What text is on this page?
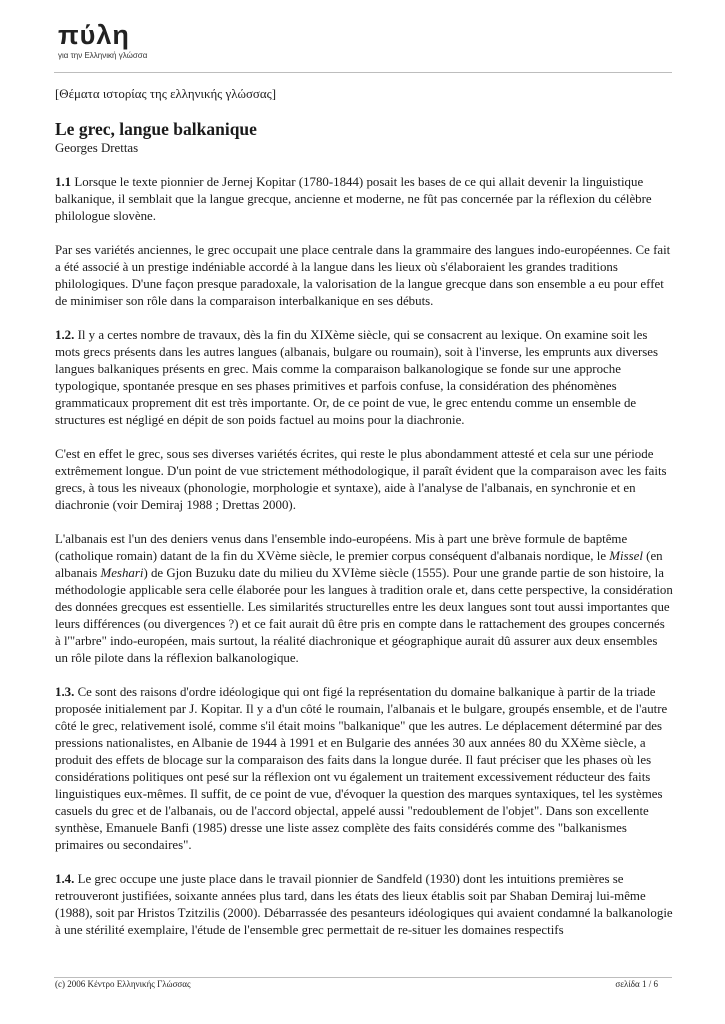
πύλη
για την Ελληνική γλώσσα
[Θέματα ιστορίας της ελληνικής γλώσσας]
Le grec, langue balkanique
Georges Drettas

1.1 Lorsque le texte pionnier de Jernej Kopitar (1780-1844) posait les bases de ce qui allait devenir la linguistique balkanique, il semblait que la langue grecque, ancienne et moderne, ne fût pas concernée par la réflexion du célèbre philologue slovène.

Par ses variétés anciennes, le grec occupait une place centrale dans la grammaire des langues indo-européennes. Ce fait a été associé à un prestige indéniable accordé à la langue dans les lieux où s'élaboraient les grandes traditions philologiques. D'une façon presque paradoxale, la valorisation de la langue grecque dans son ensemble a eu pour effet de minimiser son rôle dans la comparaison interbalkanique en ses débuts.

1.2. Il y a certes nombre de travaux, dès la fin du XIXème siècle, qui se consacrent au lexique. On examine soit les mots grecs présents dans les autres langues (albanais, bulgare ou roumain), soit à l'inverse, les emprunts aux diverses langues balkaniques présents en grec. Mais comme la comparaison balkanologique se fonde sur une approche typologique, spontanée presque en ses phases primitives et parfois confuse, la considération des phénomènes grammaticaux proprement dit est très importante. Or, de ce point de vue, le grec entendu comme un ensemble de structures est négligé en dépit de son poids factuel au moins pour la diachronie.

C'est en effet le grec, sous ses diverses variétés écrites, qui reste le plus abondamment attesté et cela sur une période extrêmement longue. D'un point de vue strictement méthodologique, il paraît évident que la comparaison avec les faits grecs, à tous les niveaux (phonologie, morphologie et syntaxe), aide à l'analyse de l'albanais, en synchronie et en diachronie (voir Demiraj 1988 ; Drettas 2000).

L'albanais est l'un des deniers venus dans l'ensemble indo-européens. Mis à part une brève formule de baptême (catholique romain) datant de la fin du XVème siècle, le premier corpus conséquent d'albanais nordique, le Missel (en albanais Meshari) de Gjon Buzuku date du milieu du XVIème siècle (1555). Pour une grande partie de son histoire, la méthodologie applicable sera celle élaborée pour les langues à tradition orale et, dans cette perspective, la considération des données grecques est essentielle. Les similarités structurelles entre les deux langues sont tout aussi importantes que leurs différences (ou divergences ?) et ce fait aurait dû être pris en compte dans le rattachement des groupes concernés à l'"arbre" indo-européen, mais surtout, la réalité diachronique et géographique aurait dû assurer aux deux ensembles un rôle pilote dans la réflexion balkanologique.

1.3. Ce sont des raisons d'ordre idéologique qui ont figé la représentation du domaine balkanique à partir de la triade proposée initialement par J. Kopitar. Il y a d'un côté le roumain, l'albanais et le bulgare, groupés ensemble, et de l'autre côté le grec, relativement isolé, comme s'il était moins "balkanique" que les autres. Le déplacement déterminé par des pressions nationalistes, en Albanie de 1944 à 1991 et en Bulgarie des années 30 aux années 80 du XXème siècle, a produit des effets de blocage sur la comparaison des faits dans la longue durée. Il faut préciser que les phases où les considérations politiques ont pesé sur la réflexion ont vu également un traitement excessivement réducteur des faits linguistiques eux-mêmes. Il suffit, de ce point de vue, d'évoquer la question des marques syntaxiques, tel les systèmes casuels du grec et de l'albanais, ou de l'accord objectal, appelé aussi "redoublement de l'objet". Dans son excellente synthèse, Emanuele Banfi (1985) dresse une liste assez complète des faits considérés comme des "balkanismes primaires ou secondaires".

1.4. Le grec occupe une juste place dans le travail pionnier de Sandfeld (1930) dont les intuitions premières se retrouveront justifiées, soixante années plus tard, dans les états des lieux établis soit par Shaban Demiraj lui-même (1988), soit par Hristos Tzitzilis (2000). Débarrassée des pesanteurs idéologiques qui avaient condamné la balkanologie à une stérilité exemplaire, l'étude de l'ensemble grec permettait de re-situer les domaines respectifs

(c) 2006 Κέντρο Ελληνικής Γλώσσας	σελίδα 1 / 6
